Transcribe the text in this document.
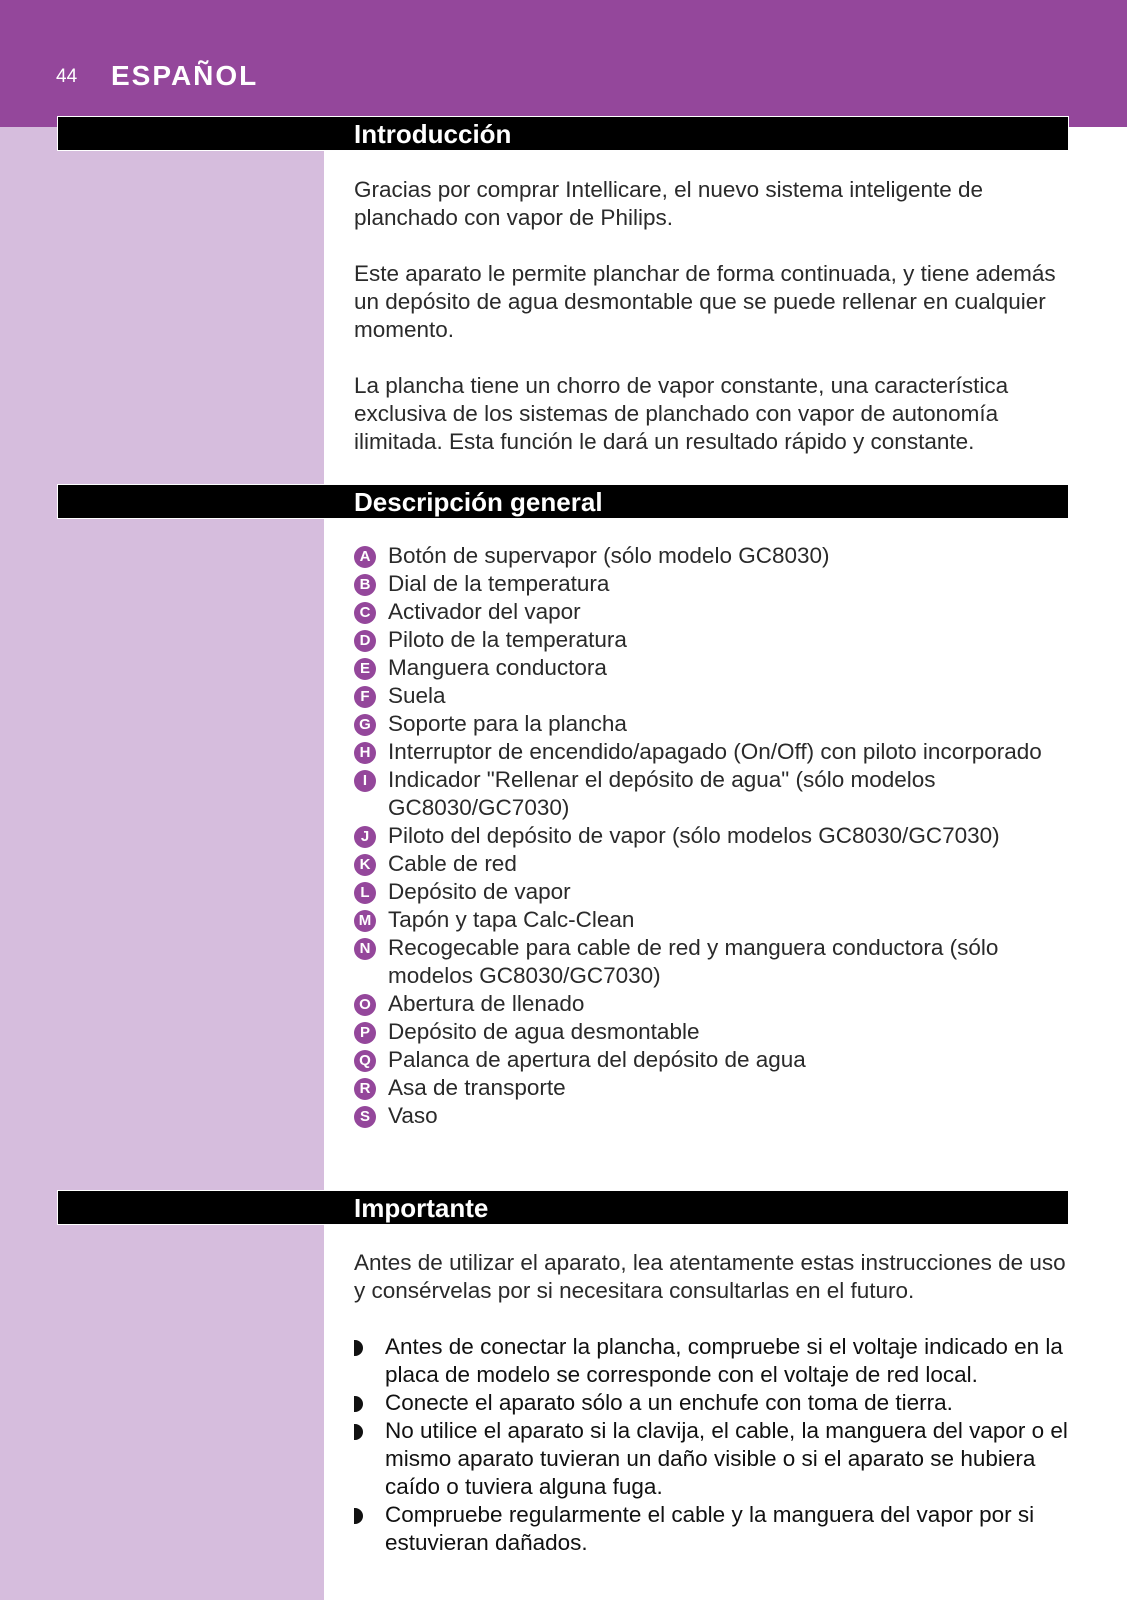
44 ESPAÑOL
Introducción

Gracias por comprar Intellicare, el nuevo sistema inteligente de planchado con vapor de Philips.

Este aparato le permite planchar de forma continuada, y tiene además un depósito de agua desmontable que se puede rellenar en cualquier momento.

La plancha tiene un chorro de vapor constante, una característica exclusiva de los sistemas de planchado con vapor de autonomía ilimitada. Esta función le dará un resultado rápido y constante.

Descripción general
A Botón de supervapor (sólo modelo GC8030)
B Dial de la temperatura
C Activador del vapor
D Piloto de la temperatura
E Manguera conductora
F Suela
G Soporte para la plancha
H Interruptor de encendido/apagado (On/Off) con piloto incorporado
I Indicador "Rellenar el depósito de agua" (sólo modelos GC8030/GC7030)
J Piloto del depósito de vapor (sólo modelos GC8030/GC7030)
K Cable de red
L Depósito de vapor
M Tapón y tapa Calc-Clean
N Recogecable para cable de red y manguera conductora (sólo modelos GC8030/GC7030)
O Abertura de llenado
P Depósito de agua desmontable
Q Palanca de apertura del depósito de agua
R Asa de transporte
S Vaso
Importante

Antes de utilizar el aparato, lea atentamente estas instrucciones de uso y consérvelas por si necesitara consultarlas en el futuro.

Antes de conectar la plancha, compruebe si el voltaje indicado en la placa de modelo se corresponde con el voltaje de red local.
Conecte el aparato sólo a un enchufe con toma de tierra.
No utilice el aparato si la clavija, el cable, la manguera del vapor o el mismo aparato tuvieran un daño visible o si el aparato se hubiera caído o tuviera alguna fuga.
Compruebe regularmente el cable y la manguera del vapor por si estuvieran dañados.
